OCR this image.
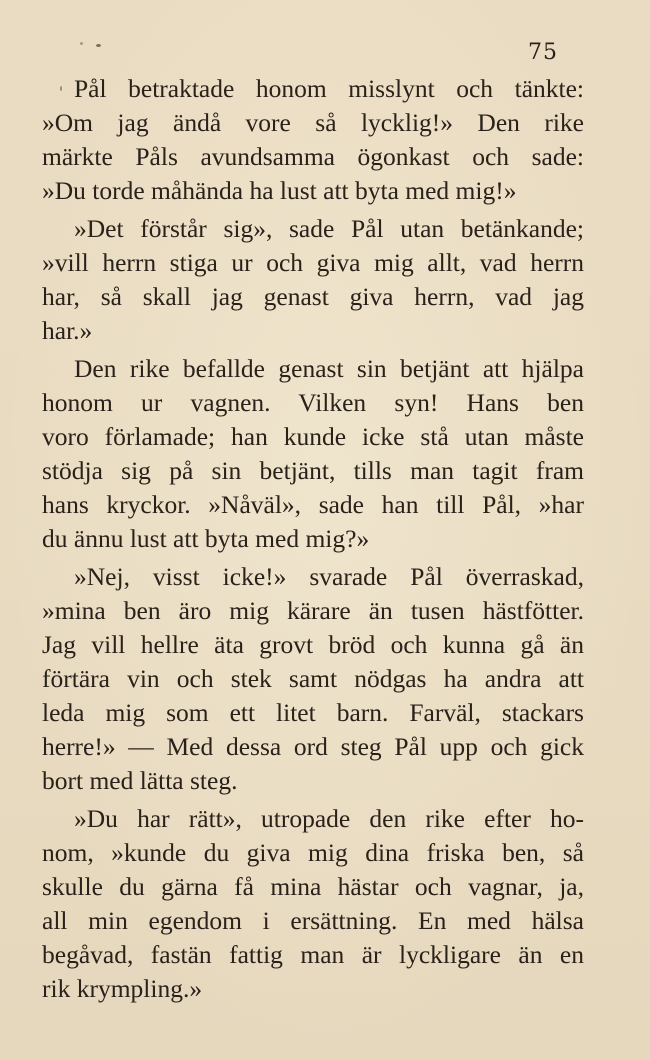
75
Pål betraktade honom misslynt och tänkte:
»Om jag ändå vore så lycklig!» Den rike
märkte Påls avundsamma ögonkast och sade:
»Du torde måhända ha lust att byta med mig!»
»Det förstår sig», sade Pål utan betänkande;
»vill herrn stiga ur och giva mig allt, vad herrn
har, så skall jag genast giva herrn, vad jag
har.»
Den rike befallde genast sin betjänt att hjälpa
honom ur vagnen. Vilken syn! Hans ben
voro förlamade; han kunde icke stå utan måste
stödja sig på sin betjänt, tills man tagit fram
hans kryckor. »Nåväl», sade han till Pål, »har
du ännu lust att byta med mig?»
»Nej, visst icke!» svarade Pål överraskad,
»mina ben äro mig kärare än tusen hästfötter.
Jag vill hellre äta grovt bröd och kunna gå än
förtära vin och stek samt nödgas ha andra att
leda mig som ett litet barn. Farväl, stackars
herre!» — Med dessa ord steg Pål upp och gick
bort med lätta steg.
»Du har rätt», utropade den rike efter ho-
nom, »kunde du giva mig dina friska ben, så
skulle du gärna få mina hästar och vagnar, ja,
all min egendom i ersättning. En med hälsa
begåvad, fastän fattig man är lyckligare än en
rik krympling.»
